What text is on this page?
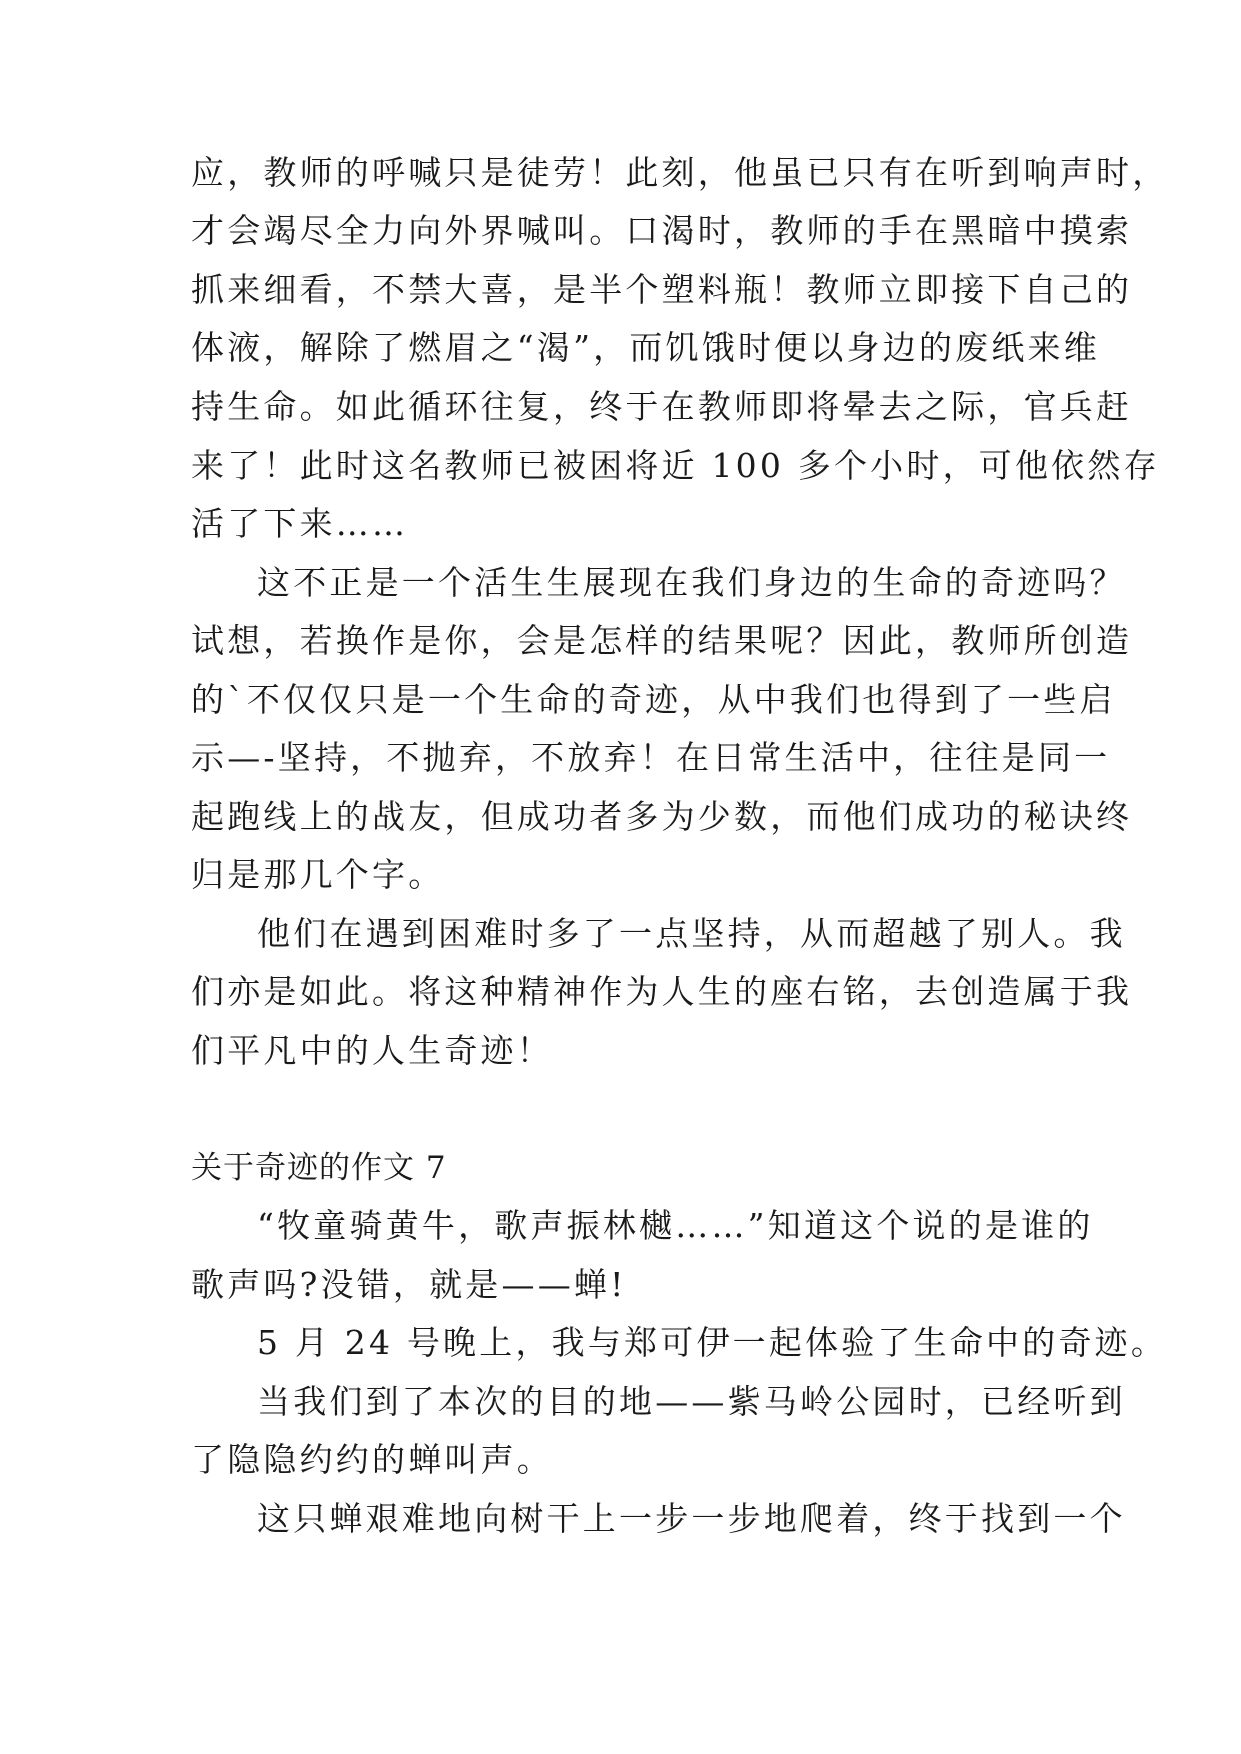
应，教师的呼喊只是徒劳！此刻，他虽已只有在听到响声时，
才会竭尽全力向外界喊叫。口渴时，教师的手在黑暗中摸索
抓来细看，不禁大喜，是半个塑料瓶！教师立即接下自己的
体液，解除了燃眉之“渴”，而饥饿时便以身边的废纸来维
持生命。如此循环往复，终于在教师即将晕去之际，官兵赶
来了！此时这名教师已被困将近 100 多个小时，可他依然存
活了下来……
这不正是一个活生生展现在我们身边的生命的奇迹吗？
试想，若换作是你，会是怎样的结果呢？因此，教师所创造
的`不仅仅只是一个生命的奇迹，从中我们也得到了一些启
示—-坚持，不抛弃，不放弃！在日常生活中，往往是同一
起跑线上的战友，但成功者多为少数，而他们成功的秘诀终
归是那几个字。
他们在遇到困难时多了一点坚持，从而超越了别人。我
们亦是如此。将这种精神作为人生的座右铭，去创造属于我
们平凡中的人生奇迹！
关于奇迹的作文 7
“牧童骑黄牛，歌声振林樾……”知道这个说的是谁的
歌声吗?没错，就是——蝉!
5 月 24 号晚上，我与郑可伊一起体验了生命中的奇迹。
当我们到了本次的目的地——紫马岭公园时，已经听到
了隐隐约约的蝉叫声。
这只蝉艰难地向树干上一步一步地爬着，终于找到一个
